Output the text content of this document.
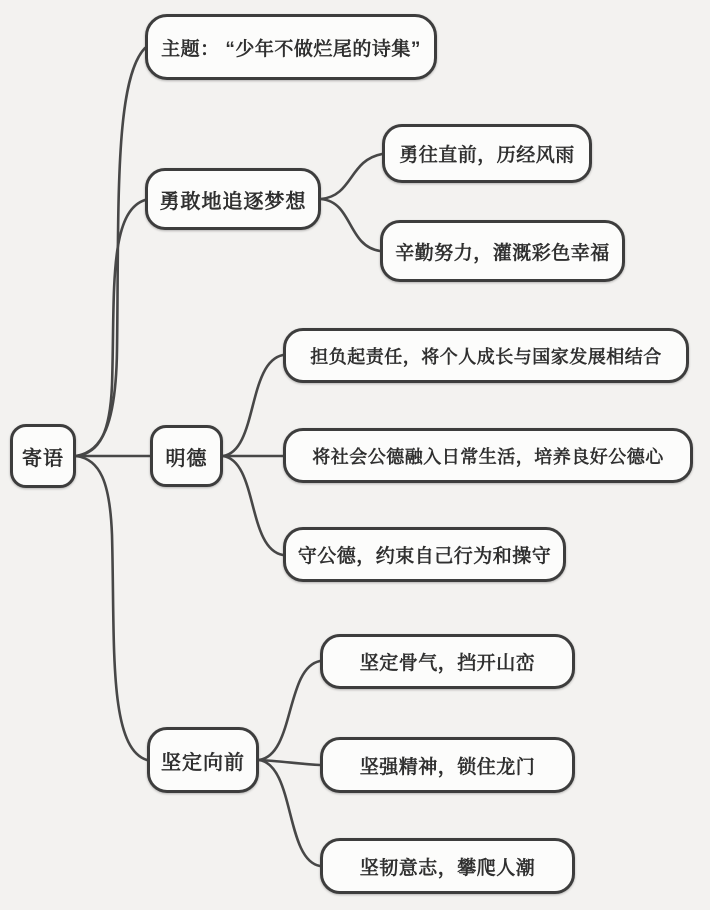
寄语
主题： “少年不做烂尾的诗集”
勇敢地追逐梦想
勇往直前，历经风雨
辛勤努力，灌溉彩色幸福
明德
担负起责任，将个人成长与国家发展相结合
将社会公德融入日常生活，培养良好公德心
守公德，约束自己行为和操守
坚定向前
坚定骨气，挡开山峦
坚强精神，锁住龙门
坚韧意志，攀爬人潮
